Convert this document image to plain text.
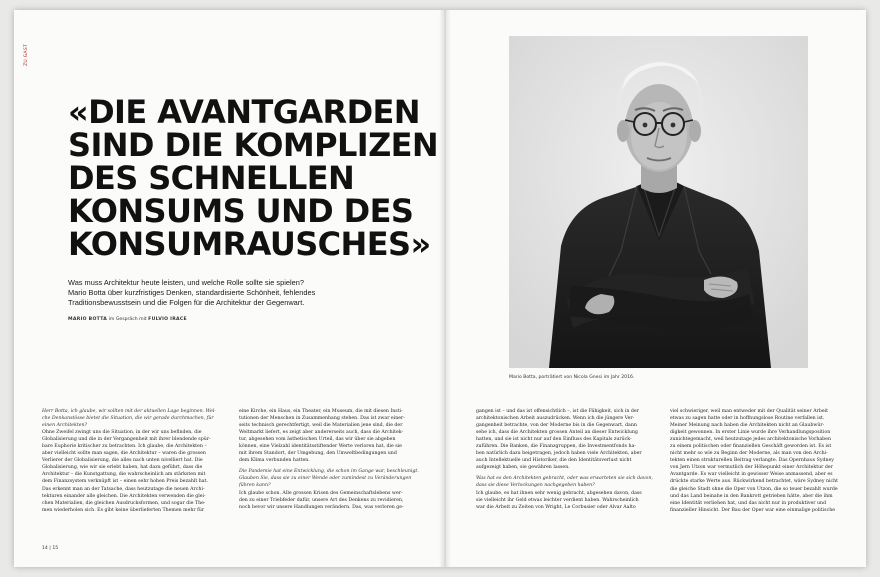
ZU GAST
«DIE AVANTGARDEN
SIND DIE KOMPLIZEN
DES SCHNELLEN
KONSUMS UND DES
KONSUMRAUSCHES»
Was muss Architektur heute leisten, und welche Rolle sollte sie spielen?
Mario Botta über kurzfristiges Denken, standardisierte Schönheit, fehlendes
Traditionsbewusstsein und die Folgen für die Architektur der Gegenwart.
MARIO BOTTA im Gespräch mit FULVIO IRACE
Herr Botta, ich glaube, wir sollten mit der aktuellen Lage beginnen. Wel-
che Denkanstösse bietet die Situation, die wir gerade durchmachen, für
einen Architekten?
Ohne Zweifel zwingt uns die Situation, in der wir uns befinden, die
Globalisierung und die in der Vergangenheit mit ihrer blendende spür-
bare Euphorie kritischer zu betrachten. Ich glaube, die Architekten –
aber vielleicht sollte man sagen, die Architektur – waren die grossen
Verlierer der Globalisierung, die alles nach unten nivelliert hat. Die
Globalisierung, wie wir sie erlebt haben, hat dazu geführt, dass die
Architektur – die Kunstgattung, die wahrscheinlich am stärksten mit
dem Finanzsystem verknüpft ist – einen sehr hohen Preis bezahlt hat.
Das erkennt man an der Tatsache, dass heutzutage die neuen Archi-
tekturen einander alle gleichen. Die Architekten verwenden die glei-
chen Materialien, die gleichen Ausdrucksformen, und sogar die The-
men wiederholen sich. Es gibt keine überlieferten Themen mehr für
eine Kirche, ein Haus, ein Theater, ein Museum, die mit diesen Insti-
tutionen der Menschen in Zusammenhang stehen. Das ist zwar einer-
seits technisch gerechtfertigt, weil die Materialien jene sind, die der
Weltmarkt liefert, es zeigt aber andererseits auch, dass die Architek-
tur, abgesehen vom ästhetischen Urteil, das wir über sie abgeben
können, eine Vielzahl identitätsstiftender Werte verloren hat, die sie
mit ihrem Standort, der Umgebung, den Umweltbedingungen und
dem Klima verbunden hatten.
Die Pandemie hat eine Entwicklung, die schon im Gange war, beschleunigt.
Glauben Sie, dass sie zu einer Wende oder zumindest zu Veränderungen
führen kann?
Ich glaube schon. Alle grossen Krisen des Gemeinschaftslebens wer-
den zu einer Triebfeder dafür, unsere Art des Denkens zu revidieren,
noch bevor wir unsere Handlungen verändern. Das, was verloren ge-
14 | 15
Mario Botta, porträtiert von Nicola Gnesi im Jahr 2016.
gangen ist – und das ist offensichtlich –, ist die Fähigkeit, sich in der
architektonischen Arbeit auszudrücken. Wenn ich die jüngere Ver-
gangenheit betrachte, von der Moderne bis in die Gegenwart, dann
sehe ich, dass die Architekten grossen Anteil an dieser Entwicklung
hatten, und sie ist nicht nur auf den Einfluss des Kapitals zurück-
zuführen. Die Banken, die Finanzgruppen, die Investmentfonds ha-
ben natürlich dazu beigetragen, jedoch haben viele Architekten, aber
auch Intellektuelle und Historiker, die den Identitätsverlust nicht
aufgezeigt haben, sie gewähren lassen.
Was hat es den Architekten gebracht, oder was erwarteten sie sich davon,
dass sie diese Verlockungen nachgegeben haben?
Ich glaube, es hat ihnen sehr wenig gebracht, abgesehen davon, dass
sie vielleicht ihr Geld etwas leichter verdient haben. Wahrscheinlich
war die Arbeit zu Zeiten von Wright, Le Corbusier oder Alvar Aalto
viel schwieriger, weil man entweder mit der Qualität seiner Arbeit
etwas zu sagen hatte oder in hoffnungslose Routine verfallen ist.
Meiner Meinung nach haben die Architekten nicht an Glaubwür-
digkeit gewonnen. In erster Linie wurde ihre Verhandlungsposition
zunichtegemacht, weil heutzutage jedes architektonische Vorhaben
zu einem politischen oder finanziellen Geschäft geworden ist. Es ist
nicht mehr so wie zu Beginn der Moderne, als man von den Archi-
tekten einen strukturellen Beitrag verlangte. Das Opernhaus Sydney
von Jørn Utzon war vermutlich der Höhepunkt einer Architektur der
Avantgarde. Es war vielleicht in gewisser Weise anmassend, aber es
drückte starke Werte aus. Rückwirkend betrachtet, wäre Sydney nicht
die gleiche Stadt ohne die Oper von Utzon, die so teuer bezahlt wurde
und das Land beinahe in den Bankrott getrieben hätte, aber die ihm
eine Identität verliehen hat, und das nicht nur in produktiver und
finanzieller Hinsicht. Der Bau der Oper war eine einmalige politische
